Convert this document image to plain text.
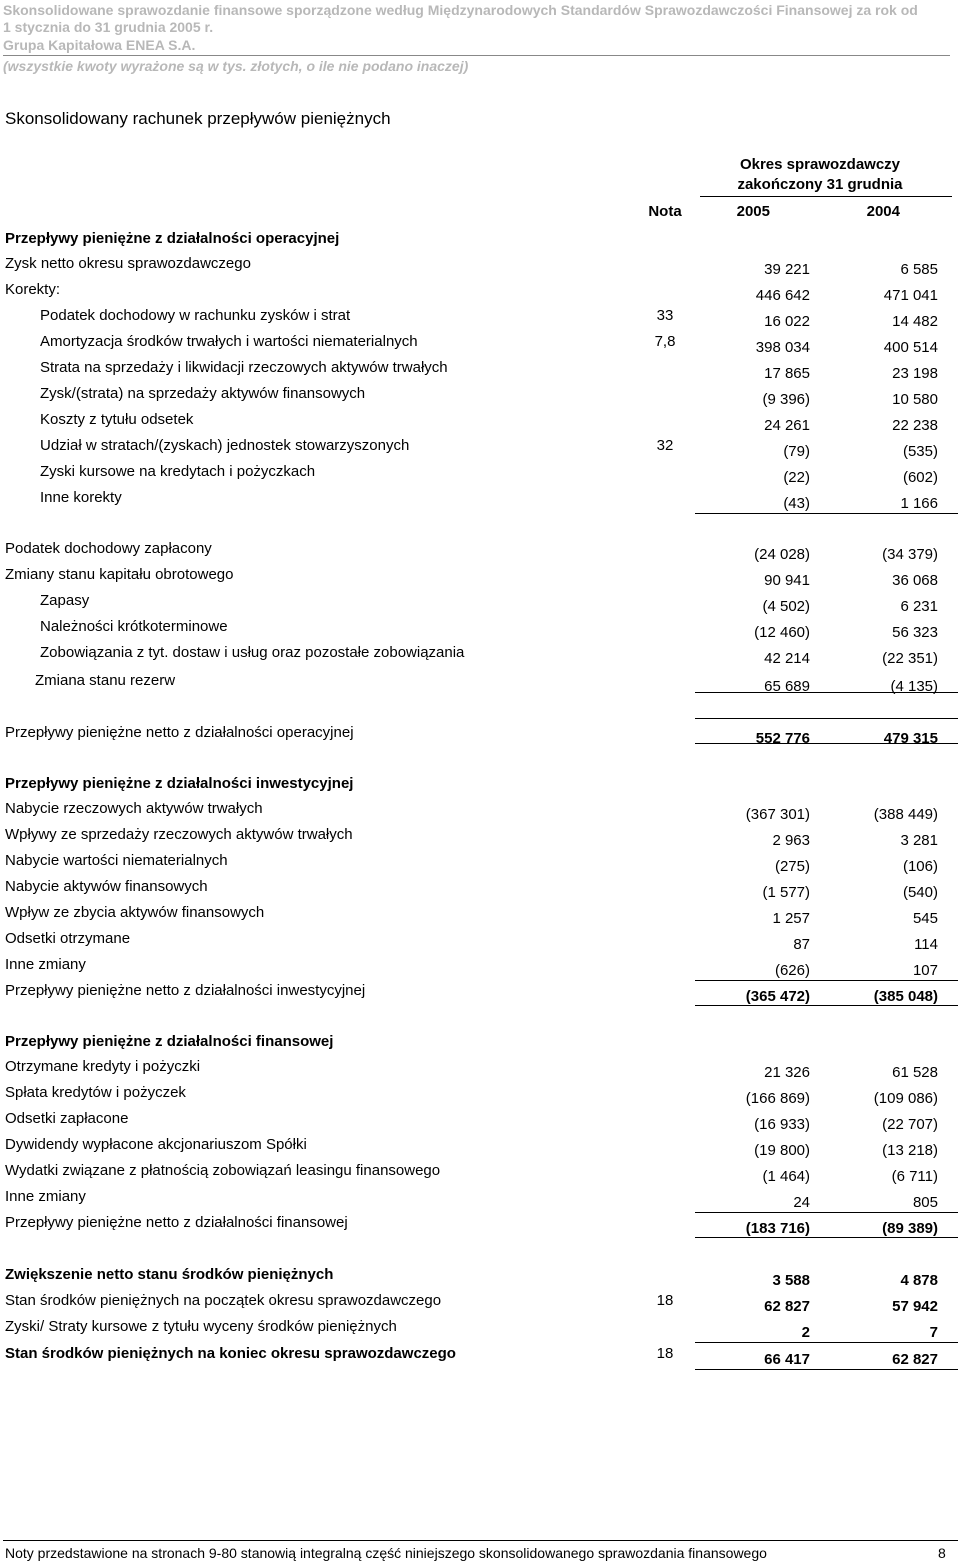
Skonsolidowane sprawozdanie finansowe sporządzone według Międzynarodowych Standardów Sprawozdawczości Finansowej za rok od
1 stycznia do 31 grudnia 2005 r.
Grupa Kapitałowa ENEA S.A.
(wszystkie kwoty wyrażone są w tys. złotych, o ile nie podano inaczej)
Skonsolidowany rachunek przepływów pieniężnych
Okres sprawozdawczy
zakończony 31 grudnia
Nota	2005	2004
Przepływy pieniężne z działalności operacyjnej
Zysk netto okresu sprawozdawczego	39 221	6 585
Korekty:	446 642	471 041
Podatek dochodowy w rachunku zysków i strat	33	16 022	14 482
Amortyzacja środków trwałych i wartości niematerialnych	7,8	398 034	400 514
Strata na sprzedaży i likwidacji rzeczowych aktywów trwałych	17 865	23 198
Zysk/(strata) na sprzedaży aktywów finansowych	(9 396)	10 580
Koszty z tytułu odsetek	24 261	22 238
Udział w stratach/(zyskach) jednostek stowarzyszonych	32	(79)	(535)
Zyski kursowe na kredytach i pożyczkach	(22)	(602)
Inne korekty	(43)	1 166
Podatek dochodowy zapłacony	(24 028)	(34 379)
Zmiany stanu kapitału obrotowego	90 941	36 068
Zapasy	(4 502)	6 231
Należności krótkoterminowe	(12 460)	56 323
Zobowiązania z tyt. dostaw i usług oraz pozostałe zobowiązania	42 214	(22 351)
Zmiana stanu rezerw	65 689	(4 135)
Przepływy pieniężne netto z działalności operacyjnej	552 776	479 315
Przepływy pieniężne z działalności inwestycyjnej
Nabycie rzeczowych aktywów trwałych	(367 301)	(388 449)
Wpływy ze sprzedaży rzeczowych aktywów trwałych	2 963	3 281
Nabycie wartości niematerialnych	(275)	(106)
Nabycie aktywów finansowych	(1 577)	(540)
Wpływ ze zbycia aktywów finansowych	1 257	545
Odsetki otrzymane	87	114
Inne zmiany	(626)	107
Przepływy pieniężne netto z działalności inwestycyjnej	(365 472)	(385 048)
Przepływy pieniężne z działalności finansowej
Otrzymane kredyty i pożyczki	21 326	61 528
Spłata kredytów i pożyczek	(166 869)	(109 086)
Odsetki zapłacone	(16 933)	(22 707)
Dywidendy wypłacone akcjonariuszom Spółki	(19 800)	(13 218)
Wydatki związane z płatnością zobowiązań leasingu finansowego	(1 464)	(6 711)
Inne zmiany	24	805
Przepływy pieniężne netto z działalności finansowej	(183 716)	(89 389)
Zwiększenie netto stanu środków pieniężnych	3 588	4 878
Stan środków pieniężnych na początek okresu sprawozdawczego	18	62 827	57 942
Zyski/ Straty kursowe z tytułu wyceny środków pieniężnych	2	7
Stan środków pieniężnych na koniec okresu sprawozdawczego	18	66 417	62 827
Noty przedstawione na stronach 9-80 stanowią integralną część niniejszego skonsolidowanego sprawozdania finansowego	8
